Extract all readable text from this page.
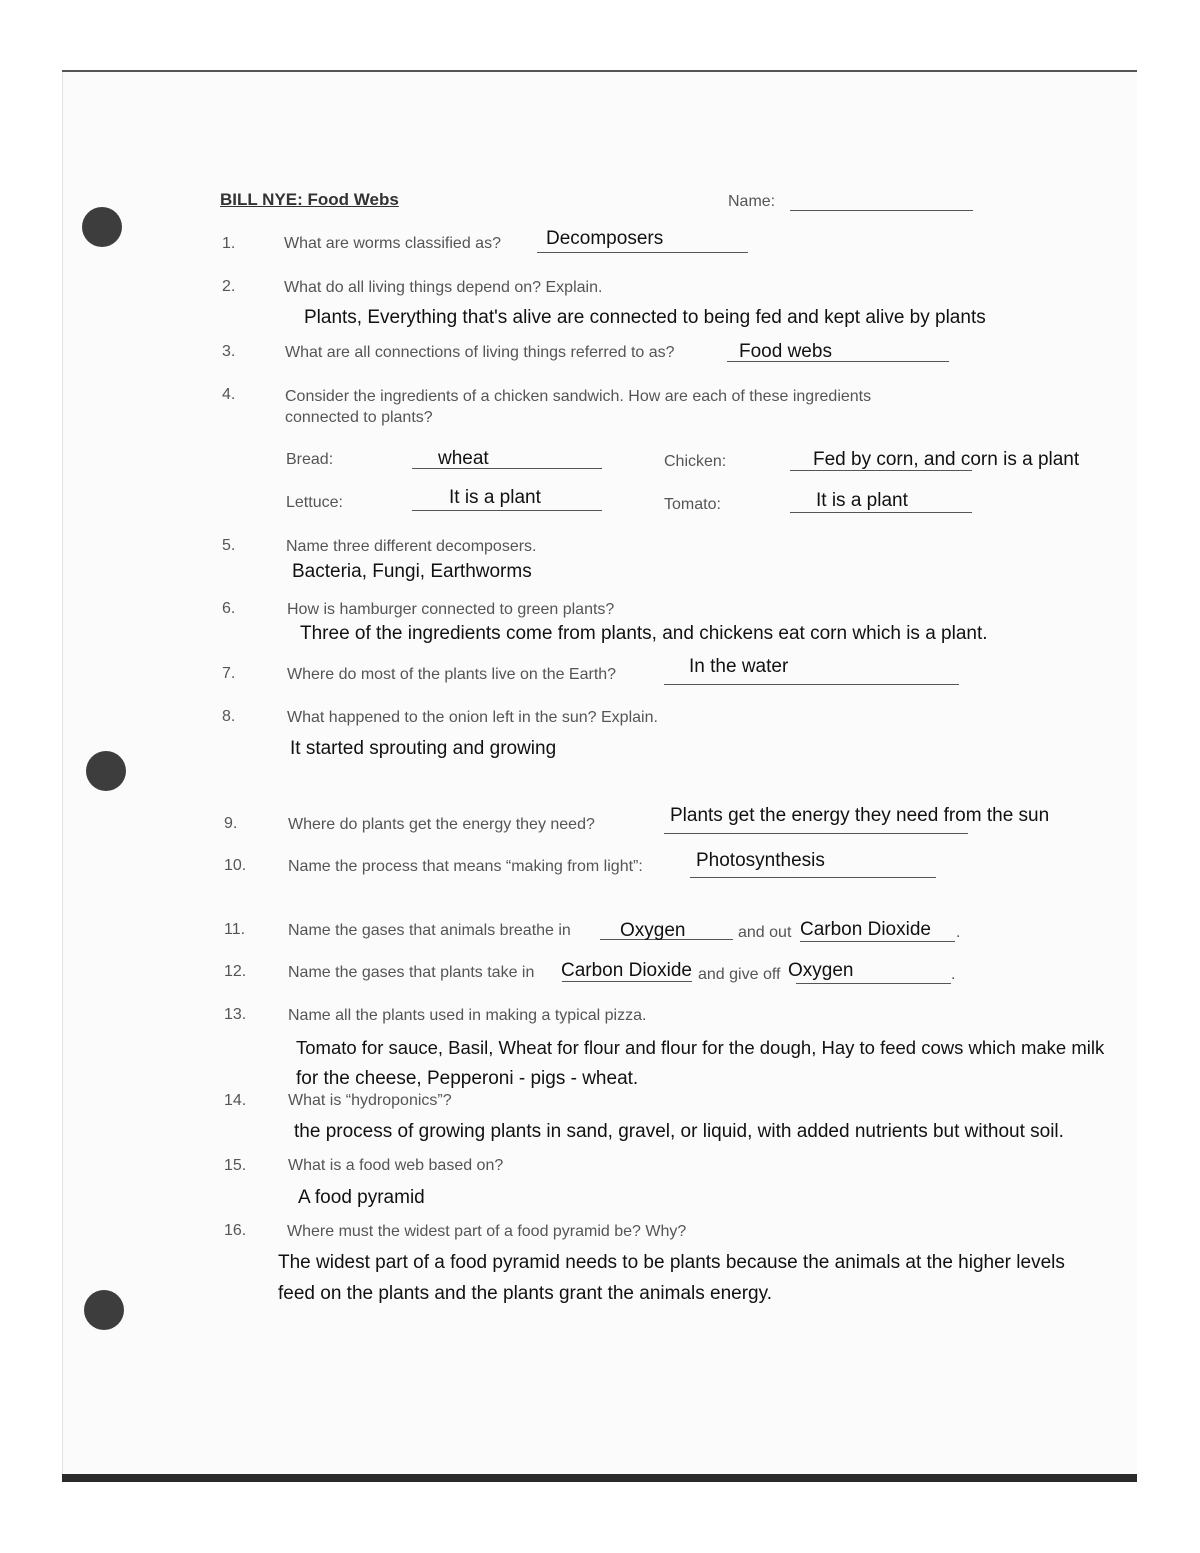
BILL NYE: Food Webs	Name:
1.	What are worms classified as? Decomposers
2.	What do all living things depend on? Explain.
Plants, Everything that's alive are connected to being fed and kept alive by plants
3.	What are all connections of living things referred to as?	Food webs
4.	Consider the ingredients of a chicken sandwich. How are each of these ingredients
connected to plants?
Bread:	wheat	Chicken:	Fed by corn, and corn is a plant
Lettuce:	It is a plant	Tomato:	It is a plant
5.	Name three different decomposers.
Bacteria, Fungi, Earthworms
6.	How is hamburger connected to green plants?
Three of the ingredients come from plants, and chickens eat corn which is a plant.
7.	Where do most of the plants live on the Earth?	In the water
8.	What happened to the onion left in the sun? Explain.
It started sprouting and growing
9.	Where do plants get the energy they need?	Plants get the energy they need from the sun
10.	Name the process that means “making from light”:	Photosynthesis
11.	Name the gases that animals breathe in	Oxygen	and out Carbon Dioxide .
12.	Name the gases that plants take in Carbon Dioxide and give off Oxygen	.
13.	Name all the plants used in making a typical pizza.
Tomato for sauce, Basil, Wheat for flour and flour for the dough, Hay to feed cows which make milk
for the cheese, Pepperoni - pigs - wheat.
14.	What is “hydroponics”?
the process of growing plants in sand, gravel, or liquid, with added nutrients but without soil.
15.	What is a food web based on?
A food pyramid
16.	Where must the widest part of a food pyramid be? Why?
The widest part of a food pyramid needs to be plants because the animals at the higher levels
feed on the plants and the plants grant the animals energy.
